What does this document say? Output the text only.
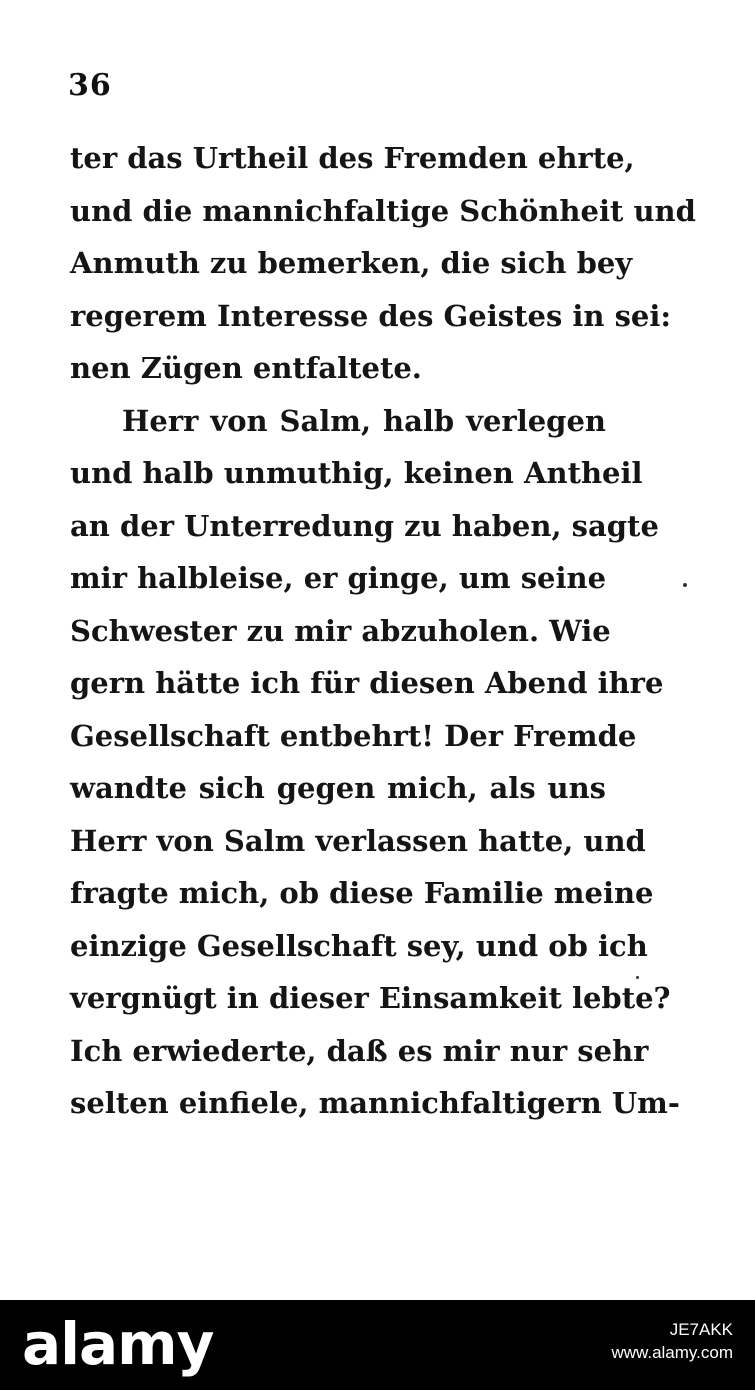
36
ter das Urtheil des Fremden ehrte,
und die mannichfaltige Schönheit und
Anmuth zu bemerken, die sich bey
regerem Interesse des Geistes in sei:
nen Zügen entfaltete.
Herr von Salm, halb verlegen
und halb unmuthig, keinen Antheil
an der Unterredung zu haben, sagte
mir halbleise, er ginge, um seine
Schwester zu mir abzuholen. Wie
gern hätte ich für diesen Abend ihre
Gesellschaft entbehrt! Der Fremde
wandte sich gegen mich, als uns
Herr von Salm verlassen hatte, und
fragte mich, ob diese Familie meine
einzige Gesellschaft sey, und ob ich
vergnügt in dieser Einsamkeit lebte?
Ich erwiederte, daß es mir nur sehr
selten einfiele, mannichfaltigern Um-
alamy	JE7AKK
www.alamy.com
